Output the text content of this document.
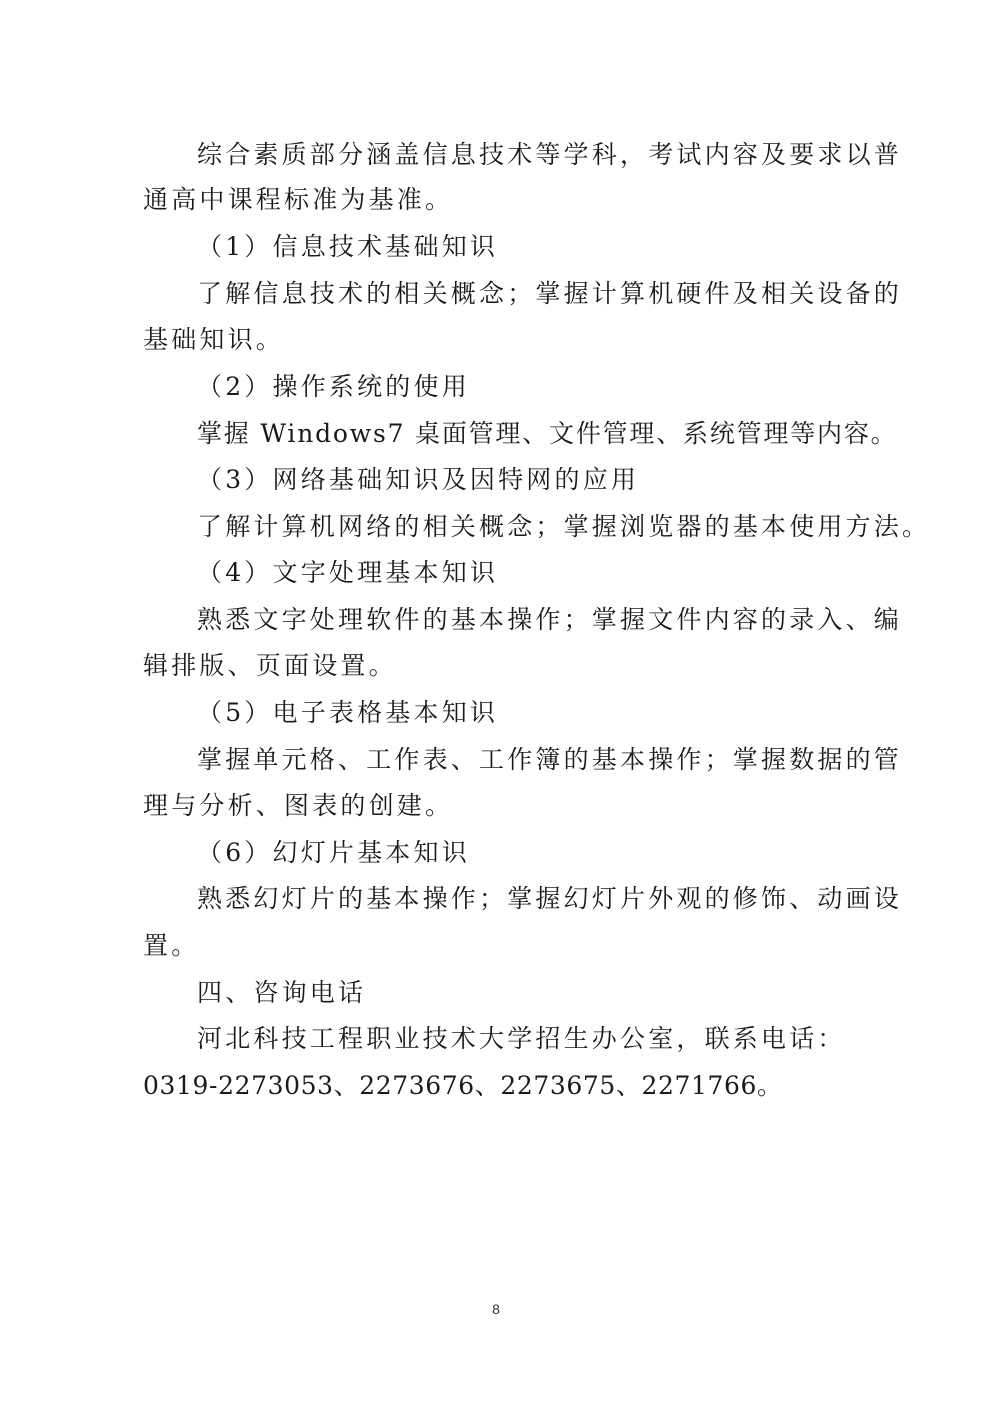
综合素质部分涵盖信息技术等学科，考试内容及要求以普
通高中课程标准为基准。
（1）信息技术基础知识
了解信息技术的相关概念；掌握计算机硬件及相关设备的
基础知识。
（2）操作系统的使用
掌握 Windows7 桌面管理、文件管理、系统管理等内容。
（3）网络基础知识及因特网的应用
了解计算机网络的相关概念；掌握浏览器的基本使用方法。
（4）文字处理基本知识
熟悉文字处理软件的基本操作；掌握文件内容的录入、编
辑排版、页面设置。
（5）电子表格基本知识
掌握单元格、工作表、工作簿的基本操作；掌握数据的管
理与分析、图表的创建。
（6）幻灯片基本知识
熟悉幻灯片的基本操作；掌握幻灯片外观的修饰、动画设
置。
四、咨询电话
河北科技工程职业技术大学招生办公室，联系电话：
0319-2273053、2273676、2273675、2271766。
8
